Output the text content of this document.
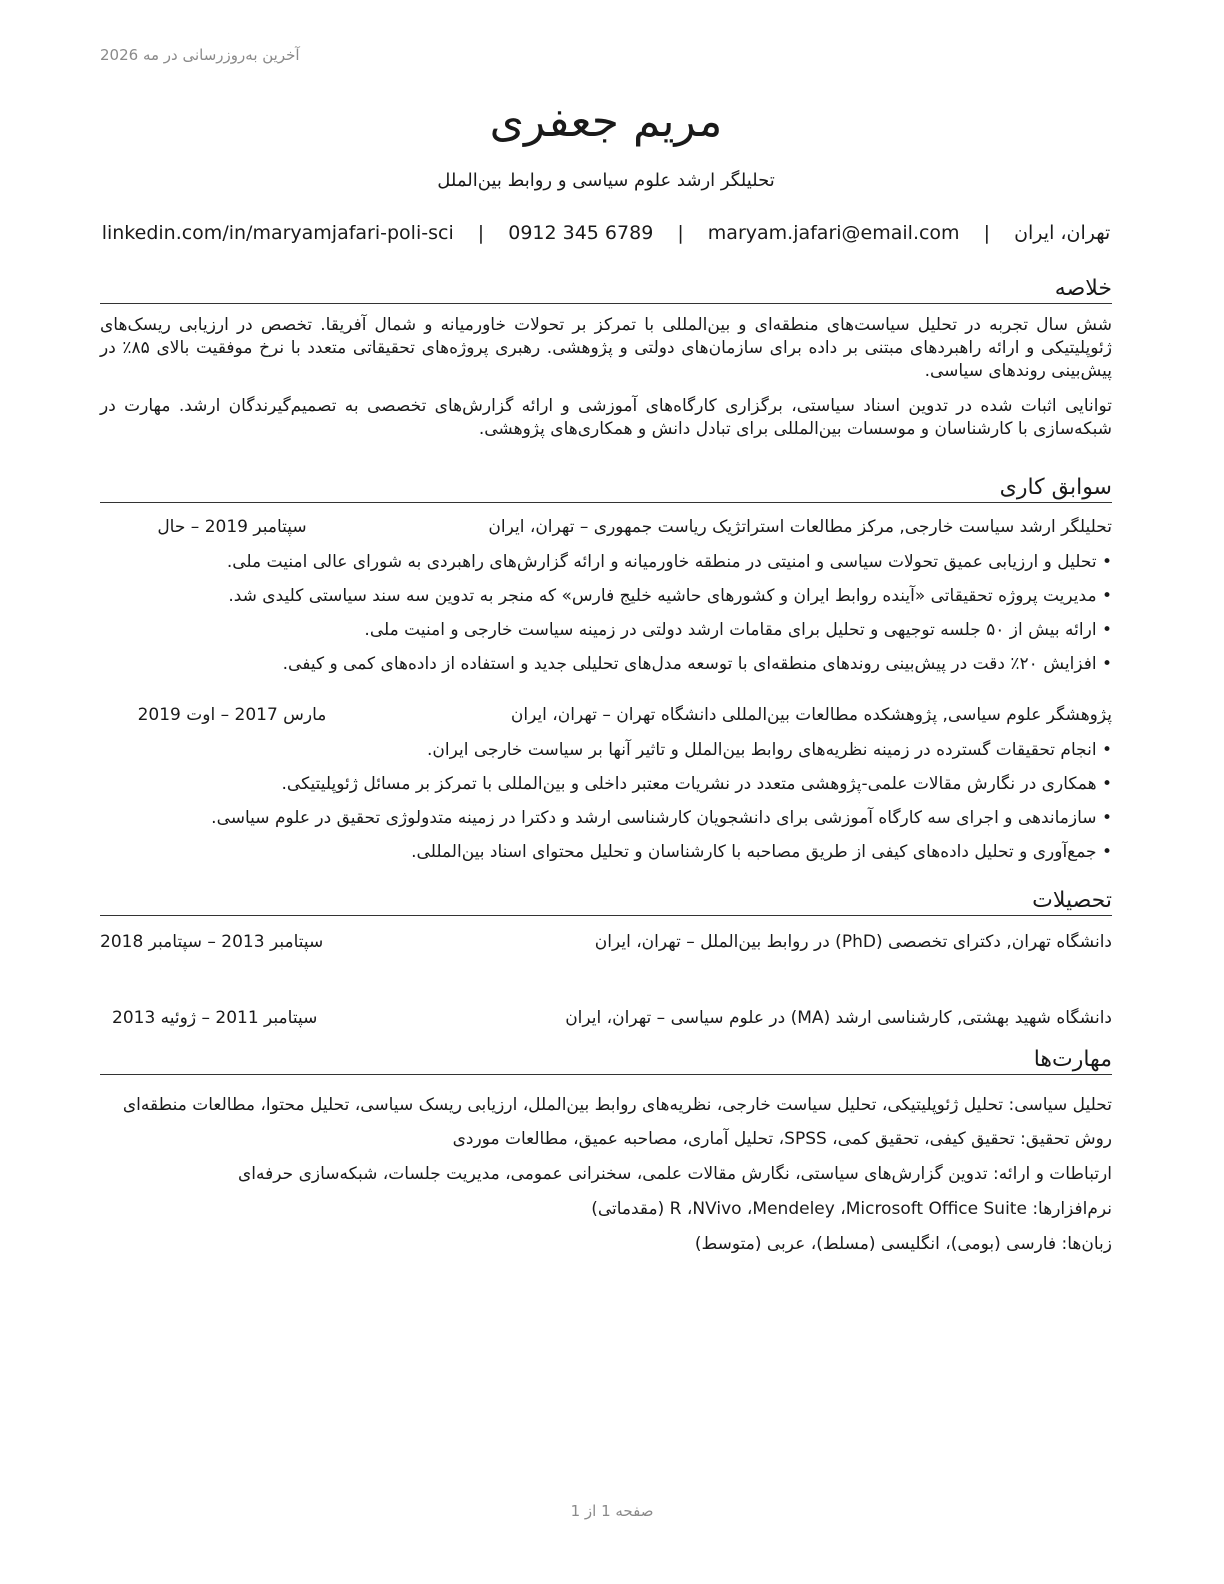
آخرین به‌روزرسانی در مه 2026
مریم جعفری
تحلیلگر ارشد علوم سیاسی و روابط بین‌الملل
تهران، ایران | maryam.jafari@email.com | 0912 345 6789 | linkedin.com/in/maryamjafari-poli-sci
خلاصه

شش سال تجربه در تحلیل سیاست‌های منطقه‌ای و بین‌المللی با تمرکز بر تحولات خاورمیانه و شمال آفریقا. تخصص در ارزیابی ریسک‌های ژئوپلیتیکی و ارائه راهبردهای مبتنی بر داده برای سازمان‌های دولتی و پژوهشی. رهبری پروژه‌های تحقیقاتی متعدد با نرخ موفقیت بالای ۸۵٪ در پیش‌بینی روندهای سیاسی.

توانایی اثبات شده در تدوین اسناد سیاستی، برگزاری کارگاه‌های آموزشی و ارائه گزارش‌های تخصصی به تصمیم‌گیرندگان ارشد. مهارت در شبکه‌سازی با کارشناسان و موسسات بین‌المللی برای تبادل دانش و همکاری‌های پژوهشی.

سوابق کاری
تحلیلگر ارشد سیاست خارجی, مرکز مطالعات استراتژیک ریاست جمهوری – تهران، ایران
سپتامبر 2019 – حال
• تحلیل و ارزیابی عمیق تحولات سیاسی و امنیتی در منطقه خاورمیانه و ارائه گزارش‌های راهبردی به شورای عالی امنیت ملی.
• مدیریت پروژه تحقیقاتی «آینده روابط ایران و کشورهای حاشیه خلیج فارس» که منجر به تدوین سه سند سیاستی کلیدی شد.
• ارائه بیش از ۵۰ جلسه توجیهی و تحلیل برای مقامات ارشد دولتی در زمینه سیاست خارجی و امنیت ملی.
• افزایش ۲۰٪ دقت در پیش‌بینی روندهای منطقه‌ای با توسعه مدل‌های تحلیلی جدید و استفاده از داده‌های کمی و کیفی.
پژوهشگر علوم سیاسی, پژوهشکده مطالعات بین‌المللی دانشگاه تهران – تهران، ایران
مارس 2017 – اوت 2019
• انجام تحقیقات گسترده در زمینه نظریه‌های روابط بین‌الملل و تاثیر آنها بر سیاست خارجی ایران.
• همکاری در نگارش مقالات علمی-پژوهشی متعدد در نشریات معتبر داخلی و بین‌المللی با تمرکز بر مسائل ژئوپلیتیکی.
• سازماندهی و اجرای سه کارگاه آموزشی برای دانشجویان کارشناسی ارشد و دکترا در زمینه متدولوژی تحقیق در علوم سیاسی.
• جمع‌آوری و تحلیل داده‌های کیفی از طریق مصاحبه با کارشناسان و تحلیل محتوای اسناد بین‌المللی.
تحصیلات
دانشگاه تهران, دکترای تخصصی (PhD) در روابط بین‌الملل – تهران، ایران
سپتامبر 2013 – سپتامبر 2018
دانشگاه شهید بهشتی, کارشناسی ارشد (MA) در علوم سیاسی – تهران، ایران
سپتامبر 2011 – ژوئیه 2013
مهارت‌ها

تحلیل سیاسی: تحلیل ژئوپلیتیکی، تحلیل سیاست خارجی، نظریه‌های روابط بین‌الملل، ارزیابی ریسک سیاسی، تحلیل محتوا، مطالعات منطقه‌ای

روش تحقیق: تحقیق کیفی، تحقیق کمی، SPSS، تحلیل آماری، مصاحبه عمیق، مطالعات موردی

ارتباطات و ارائه: تدوین گزارش‌های سیاستی، نگارش مقالات علمی، سخنرانی عمومی، مدیریت جلسات، شبکه‌سازی حرفه‌ای

نرم‌افزارها: R ،NVivo ،Mendeley ،Microsoft Office Suite (مقدماتی)

زبان‌ها: فارسی (بومی)، انگلیسی (مسلط)، عربی (متوسط)

صفحه 1 از 1
